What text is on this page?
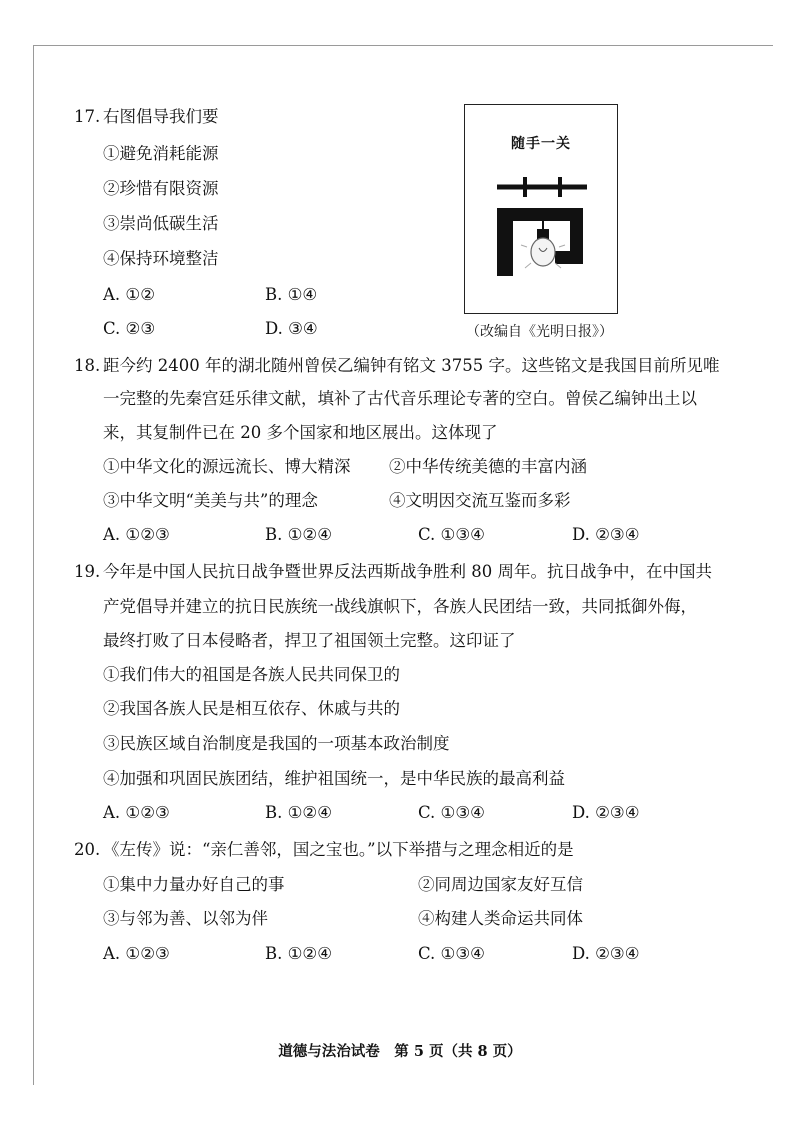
17. 右图倡导我们要
①避免消耗能源
②珍惜有限资源
③崇尚低碳生活
④保持环境整洁
A. ①②	B. ①④
C. ②③	D. ③④
随手一关
（改编自《光明日报》）
18. 距今约 2400 年的湖北随州曾侯乙编钟有铭文 3755 字。这些铭文是我国目前所见唯
一完整的先秦宫廷乐律文献，填补了古代音乐理论专著的空白。曾侯乙编钟出土以
来，其复制件已在 20 多个国家和地区展出。这体现了
①中华文化的源远流长、博大精深 ②中华传统美德的丰富内涵
③中华文明“美美与共”的理念	④文明因交流互鉴而多彩
A. ①②③	B. ①②④	C. ①③④	D. ②③④
19. 今年是中国人民抗日战争暨世界反法西斯战争胜利 80 周年。抗日战争中，在中国共
产党倡导并建立的抗日民族统一战线旗帜下，各族人民团结一致，共同抵御外侮，
最终打败了日本侵略者，捍卫了祖国领土完整。这印证了
①我们伟大的祖国是各族人民共同保卫的
②我国各族人民是相互依存、休戚与共的
③民族区域自治制度是我国的一项基本政治制度
④加强和巩固民族团结，维护祖国统一，是中华民族的最高利益
A. ①②③	B. ①②④	C. ①③④	D. ②③④
20. 《左传》说：“亲仁善邻，国之宝也。”以下举措与之理念相近的是
①集中力量办好自己的事	②同周边国家友好互信
③与邻为善、以邻为伴	④构建人类命运共同体
A. ①②③	B. ①②④	C. ①③④	D. ②③④
道德与法治试卷　第 5 页（共 8 页）
